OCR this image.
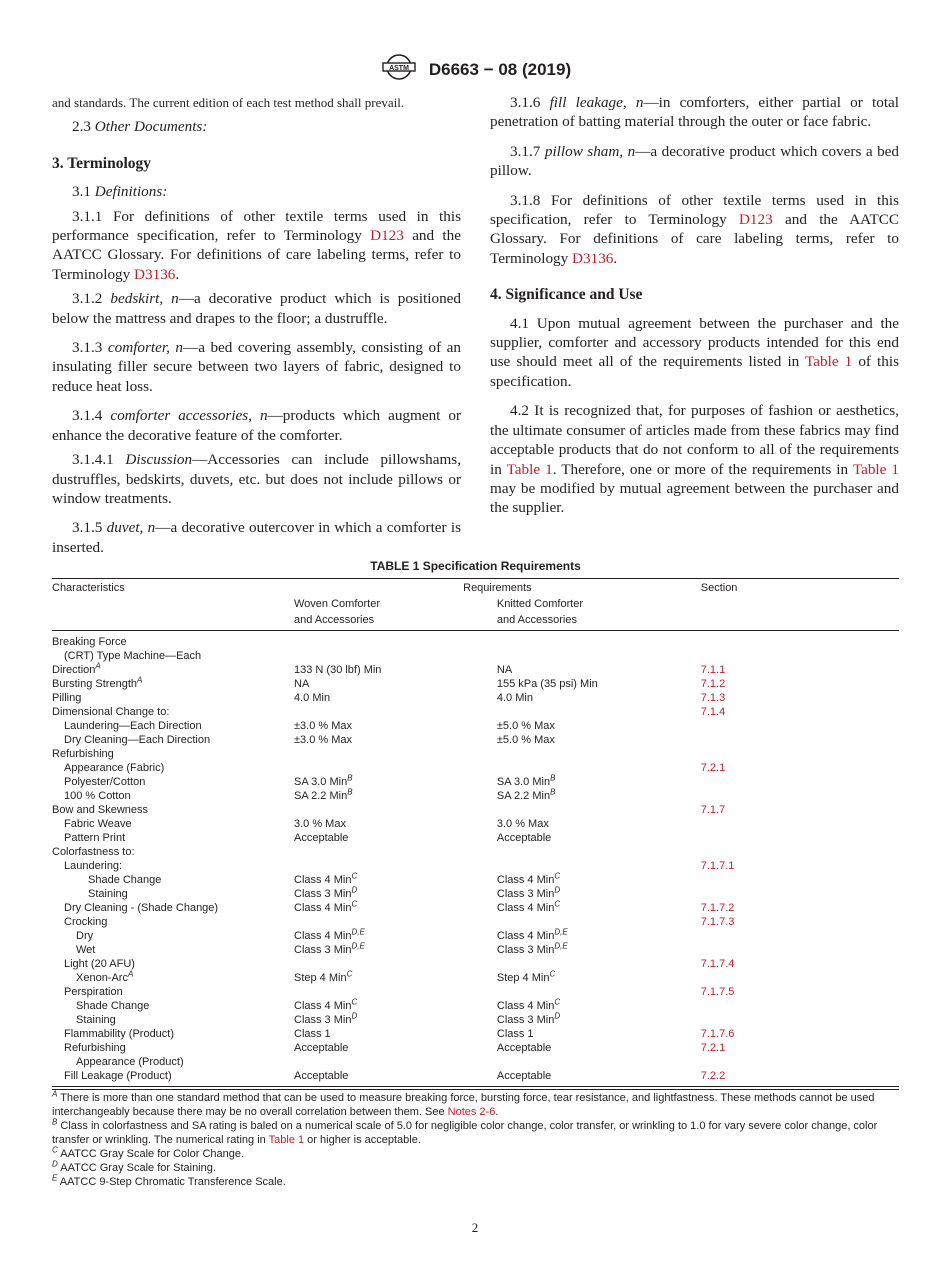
ASTM D6663 − 08 (2019)

and standards. The current edition of each test method shall prevail.

2.3 Other Documents:

3. Terminology

3.1 Definitions:

3.1.1 For definitions of other textile terms used in this performance specification, refer to Terminology D123 and the AATCC Glossary. For definitions of care labeling terms, refer to Terminology D3136.

3.1.2 bedskirt, n—a decorative product which is positioned below the mattress and drapes to the floor; a dustruffle.

3.1.3 comforter, n—a bed covering assembly, consisting of an insulating filler secure between two layers of fabric, designed to reduce heat loss.

3.1.4 comforter accessories, n—products which augment or enhance the decorative feature of the comforter.

3.1.4.1 Discussion—Accessories can include pillowshams, dustruffles, bedskirts, duvets, etc. but does not include pillows or window treatments.

3.1.5 duvet, n—a decorative outercover in which a comforter is inserted.

3.1.6 fill leakage, n—in comforters, either partial or total penetration of batting material through the outer or face fabric.

3.1.7 pillow sham, n—a decorative product which covers a bed pillow.

3.1.8 For definitions of other textile terms used in this specification, refer to Terminology D123 and the AATCC Glossary. For definitions of care labeling terms, refer to Terminology D3136.

4. Significance and Use

4.1 Upon mutual agreement between the purchaser and the supplier, comforter and accessory products intended for this end use should meet all of the requirements listed in Table 1 of this specification.

4.2 It is recognized that, for purposes of fashion or aesthetics, the ultimate consumer of articles made from these fabrics may find acceptable products that do not conform to all of the requirements in Table 1. Therefore, one or more of the requirements in Table 1 may be modified by mutual agreement between the purchaser and the supplier.

TABLE 1 Specification Requirements
Characteristics	Requirements		Section
	Woven Comforter	Knitted Comforter	
	and Accessories	and Accessories	
Breaking Force			
(CRT) Type Machine—Each			
Direction$^A$	133 N (30 lbf) Min	NA	7.1.1
Bursting Strength$^A$	NA	155 kPa (35 psi) Min	7.1.2
Pilling	4.0 Min	4.0 Min	7.1.3
Dimensional Change to:			7.1.4
Laundering—Each Direction	±3.0 % Max	±5.0 % Max	
Dry Cleaning—Each Direction	±3.0 % Max	±5.0 % Max	
Refurbishing			
Appearance (Fabric)			7.2.1
Polyester/Cotton	SA 3.0 Min$^B$	SA 3.0 Min$^B$	
100 % Cotton	SA 2.2 Min$^B$	SA 2.2 Min$^B$	
Bow and Skewness			7.1.7
Fabric Weave	3.0 % Max	3.0 % Max	
Pattern Print	Acceptable	Acceptable	
Colorfastness to:			
Laundering:			7.1.7.1
Shade Change	Class 4 Min$^C$	Class 4 Min$^C$	
Staining	Class 3 Min$^D$	Class 3 Min$^D$	
Dry Cleaning - (Shade Change)	Class 4 Min$^C$	Class 4 Min$^C$	7.1.7.2
Crocking			7.1.7.3
Dry	Class 4 Min$^{D,E}$	Class 4 Min$^{D,E}$	
Wet	Class 3 Min$^{D,E}$	Class 3 Min$^{D,E}$	
Light (20 AFU)			7.1.7.4
Xenon-Arc$^A$	Step 4 Min$^C$	Step 4 Min$^C$	
Perspiration			7.1.7.5
Shade Change	Class 4 Min$^C$	Class 4 Min$^C$	
Staining	Class 3 Min$^D$	Class 3 Min$^D$	
Flammability (Product)	Class 1	Class 1	7.1.7.6
Refurbishing	Acceptable	Acceptable	7.2.1
Appearance (Product)			
Fill Leakage (Product)	Acceptable	Acceptable	7.2.2

$^A$ There is more than one standard method that can be used to measure breaking force, bursting force, tear resistance, and lightfastness. These methods cannot be used interchangeably because there may be no overall correlation between them. See Notes 2-6.

$^B$ Class in colorfastness and SA rating is baled on a numerical scale of 5.0 for negligible color change, color transfer, or wrinkling to 1.0 for vary severe color change, color transfer or wrinkling. The numerical rating in Table 1 or higher is acceptable.

$^C$ AATCC Gray Scale for Color Change.

$^D$ AATCC Gray Scale for Staining.

$^E$ AATCC 9-Step Chromatic Transference Scale.

2
